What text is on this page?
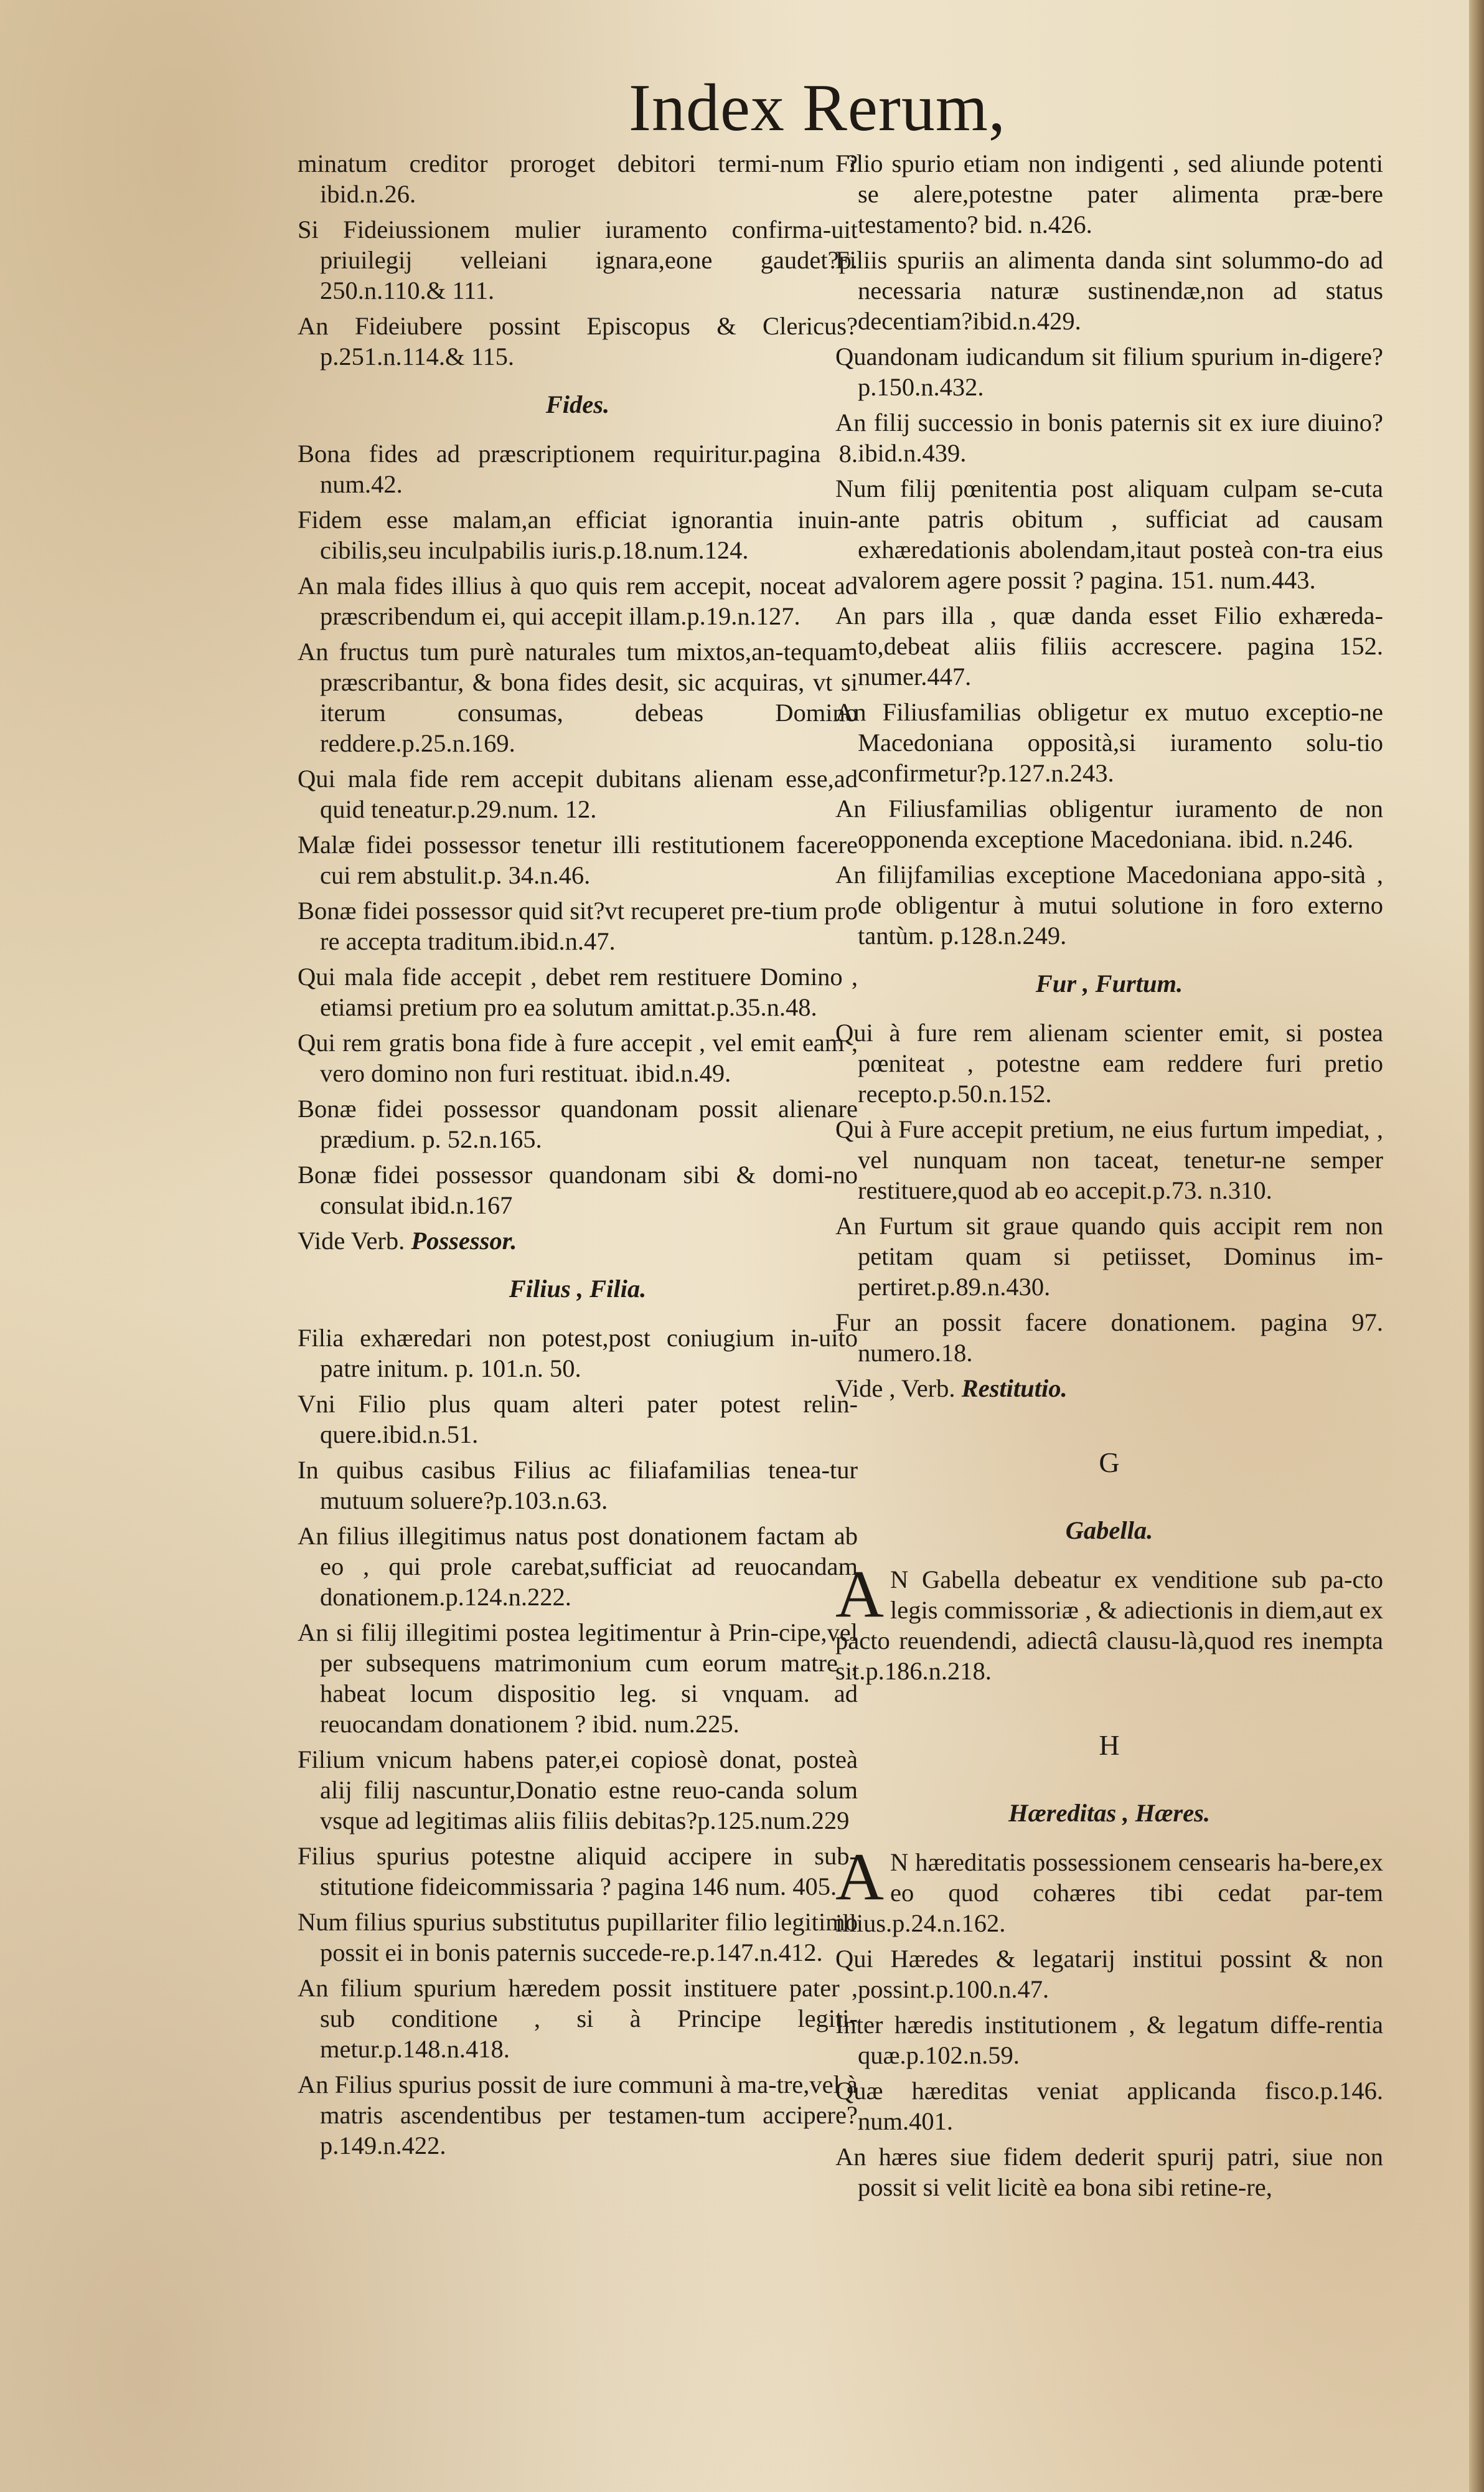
Index Rerum,
minatum creditor proroget debitori termi-num ? ibid.n.26.
Si Fideiussionem mulier iuramento confirma-uit priuilegij velleiani ignara,eone gaudet?p. 250.n.110.& 111.
An Fideiubere possint Episcopus & Clericus? p.251.n.114.& 115.
Fides.
Bona fides ad præscriptionem requiritur.pagina 8. num.42.
Fidem esse malam,an efficiat ignorantia inuin-cibilis,seu inculpabilis iuris.p.18.num.124.
An mala fides illius à quo quis rem accepit, noceat ad præscribendum ei, qui accepit illam.p.19.n.127.
An fructus tum purè naturales tum mixtos,an-tequam præscribantur, & bona fides desit, sic acquiras, vt si iterum consumas, debeas Domino reddere.p.25.n.169.
Qui mala fide rem accepit dubitans alienam esse,ad quid teneatur.p.29.num. 12.
Malæ fidei possessor tenetur illi restitutionem facere cui rem abstulit.p. 34.n.46.
Bonæ fidei possessor quid sit?vt recuperet pre-tium pro re accepta traditum.ibid.n.47.
Qui mala fide accepit , debet rem restituere Domino , etiamsi pretium pro ea solutum amittat.p.35.n.48.
Qui rem gratis bona fide à fure accepit , vel emit eam , vero domino non furi restituat. ibid.n.49.
Bonæ fidei possessor quandonam possit alienare prædium. p. 52.n.165.
Bonæ fidei possessor quandonam sibi & domi-no consulat ibid.n.167
Vide Verb. Possessor.
Filius , Filia.
Filia exhæredari non potest,post coniugium in-uito patre initum. p. 101.n. 50.
Vni Filio plus quam alteri pater potest relin-quere.ibid.n.51.
In quibus casibus Filius ac filiafamilias tenea-tur mutuum soluere?p.103.n.63.
An filius illegitimus natus post donationem factam ab eo , qui prole carebat,sufficiat ad reuocandam donationem.p.124.n.222.
An si filij illegitimi postea legitimentur à Prin-cipe,vel per subsequens matrimonium cum eorum matre , habeat locum dispositio leg. si vnquam. ad reuocandam donationem ? ibid. num.225.
Filium vnicum habens pater,ei copiosè donat, posteà alij filij nascuntur,Donatio estne reuo-canda solum vsque ad legitimas aliis filiis debitas?p.125.num.229
Filius spurius potestne aliquid accipere in sub-stitutione fideicommissaria ? pagina 146 num. 405.
Num filius spurius substitutus pupillariter filio legitimo possit ei in bonis paternis succede-re.p.147.n.412.
An filium spurium hæredem possit instituere pater , sub conditione , si à Principe legiti-metur.p.148.n.418.
An Filius spurius possit de iure communi à ma-tre,vel à matris ascendentibus per testamen-tum accipere?p.149.n.422.
Filio spurio etiam non indigenti , sed aliunde potenti se alere,potestne pater alimenta præ-bere testamento? bid. n.426.
Filiis spuriis an alimenta danda sint solummo-do ad necessaria naturæ sustinendæ,non ad status decentiam?ibid.n.429.
Quandonam iudicandum sit filium spurium in-digere?p.150.n.432.
An filij successio in bonis paternis sit ex iure diuino?ibid.n.439.
Num filij pœnitentia post aliquam culpam se-cuta ante patris obitum , sufficiat ad causam exhæredationis abolendam,itaut posteà con-tra eius valorem agere possit ? pagina. 151. num.443.
An pars illa , quæ danda esset Filio exhæreda-to,debeat aliis filiis accrescere. pagina 152. numer.447.
An Filiusfamilias obligetur ex mutuo exceptio-ne Macedoniana opposità,si iuramento solu-tio confirmetur?p.127.n.243.
An Filiusfamilias obligentur iuramento de non opponenda exceptione Macedoniana. ibid. n.246.
An filijfamilias exceptione Macedoniana appo-sità , de obligentur à mutui solutione in foro externo tantùm. p.128.n.249.
Fur , Furtum.
Qui à fure rem alienam scienter emit, si postea pœniteat , potestne eam reddere furi pretio recepto.p.50.n.152.
Qui à Fure accepit pretium, ne eius furtum impediat, , vel nunquam non taceat, tenetur-ne semper restituere,quod ab eo accepit.p.73. n.310.
An Furtum sit graue quando quis accipit rem non petitam quam si petiisset, Dominus im-pertiret.p.89.n.430.
Fur an possit facere donationem. pagina 97. numero.18.
Vide , Verb. Restitutio.
G
Gabella.
A N Gabella debeatur ex venditione sub pa-cto legis commissoriæ , & adiectionis in diem,aut ex pacto reuendendi, adiectâ clausu-là,quod res inempta sit.p.186.n.218.
H
Hæreditas , Hæres.
A N hæreditatis possessionem censearis ha-bere,ex eo quod cohæres tibi cedat par-tem illius.p.24.n.162.
Qui Hæredes & legatarij institui possint & non possint.p.100.n.47.
Inter hæredis institutionem , & legatum diffe-rentia quæ.p.102.n.59.
Quæ hæreditas veniat applicanda fisco.p.146. num.401.
An hæres siue fidem dederit spurij patri, siue non possit si velit licitè ea bona sibi retine-re,
